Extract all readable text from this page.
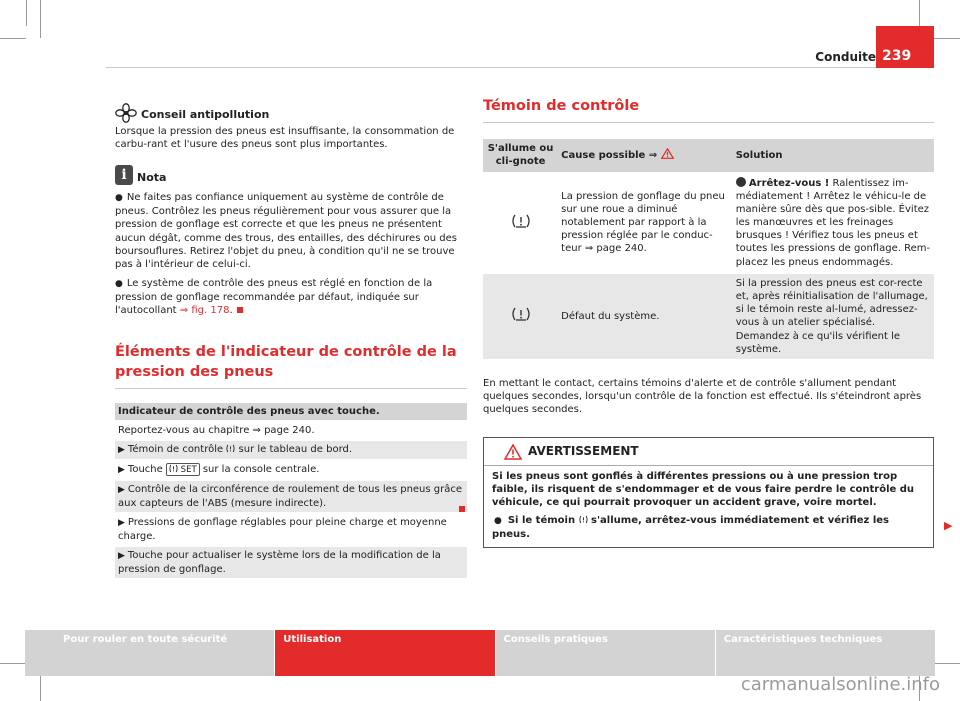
Conduite 239
Conseil antipollution

Lorsque la pression des pneus est insuffisante, la consommation de carbu-rant et l'usure des pneus sont plus importantes.

i Nota

● Ne faites pas confiance uniquement au système de contrôle de pneus. Contrôlez les pneus régulièrement pour vous assurer que la pression de gonflage est correcte et que les pneus ne présentent aucun dégât, comme des trous, des entailles, des déchirures ou des boursouflures. Retirez l'objet du pneu, à condition qu'il ne se trouve pas à l'intérieur de celui-ci.

● Le système de contrôle des pneus est réglé en fonction de la pression de gonflage recommandée par défaut, indiquée sur l'autocollant ⇒ fig. 178.

Éléments de l'indicateur de contrôle de la pression des pneus
Indicateur de contrôle des pneus avec touche.
Reportez-vous au chapitre ⇒ page 240.
▶ Témoin de contrôle sur le tableau de bord.
▶ Touche SET sur la console centrale.
▶ Contrôle de la circonférence de roulement de tous les pneus grâce aux capteurs de l'ABS (mesure indirecte).
▶ Pressions de gonflage réglables pour pleine charge et moyenne charge.
▶ Touche pour actualiser le système lors de la modification de la pression de gonflage.
Témoin de contrôle
S'allume ou cli-gnote	Cause possible ⇒	Solution
	La pression de gonflage du pneu sur une roue a diminué notablement par rapport à la pression réglée par le conduc-teur ⇒ page 240.	Arrêtez-vous ! Ralentissez im-médiatement ! Arrêtez le véhicu-le de manière sûre dès que pos-sible. Évitez les manœuvres et les freinages brusques ! Vérifiez tous les pneus et toutes les pressions de gonflage. Rem-placez les pneus endommagés.
	Défaut du système.	Si la pression des pneus est cor-recte et, après réinitialisation de l'allumage, si le témoin reste al-lumé, adressez-vous à un atelier spécialisé. Demandez à ce qu'ils vérifient le système.

En mettant le contact, certains témoins d'alerte et de contrôle s'allument pendant quelques secondes, lorsqu'un contrôle de la fonction est effectué. Ils s'éteindront après quelques secondes.

AVERTISSEMENT

Si les pneus sont gonflés à différentes pressions ou à une pression trop faible, ils risquent de s'endommager et de vous faire perdre le contrôle du véhicule, ce qui pourrait provoquer un accident grave, voire mortel.

● Si le témoin s'allume, arrêtez-vous immédiatement et vérifiez les pneus.

▶
Pour rouler en toute sécurité	Utilisation	Conseils pratiques	Caractéristiques techniques
carmanualsonline.info
